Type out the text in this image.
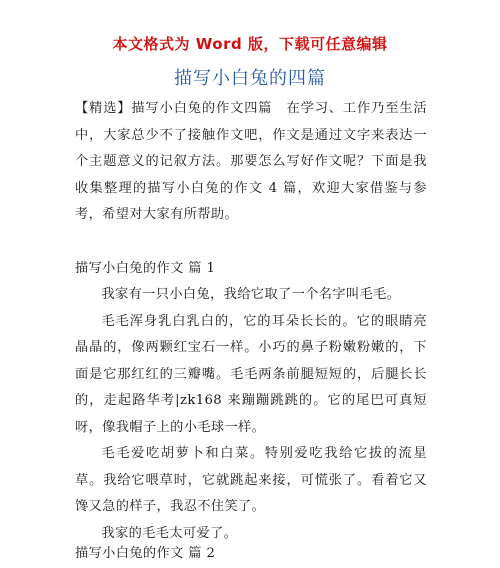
本文格式为 Word 版，下载可任意编辑
描写小白兔的四篇

【精选】描写小白兔的作文四篇　在学习、工作乃至生活中，大家总少不了接触作文吧，作文是通过文字来表达一个主题意义的记叙方法。那要怎么写好作文呢？下面是我收集整理的描写小白兔的作文 4 篇，欢迎大家借鉴与参考，希望对大家有所帮助。

描写小白兔的作文 篇 1

我家有一只小白兔，我给它取了一个名字叫毛毛。

毛毛浑身乳白乳白的，它的耳朵长长的。它的眼睛亮晶晶的，像两颗红宝石一样。小巧的鼻子粉嫩粉嫩的，下面是它那红红的三瓣嘴。毛毛两条前腿短短的，后腿长长的，走起路华考|zk168 来蹦蹦跳跳的。它的尾巴可真短呀，像我帽子上的小毛球一样。

毛毛爱吃胡萝卜和白菜。特别爱吃我给它拔的流星草。我给它喂草时，它就跳起来接，可慌张了。看着它又馋又急的样子，我忍不住笑了。

我家的毛毛太可爱了。

描写小白兔的作文 篇 2
